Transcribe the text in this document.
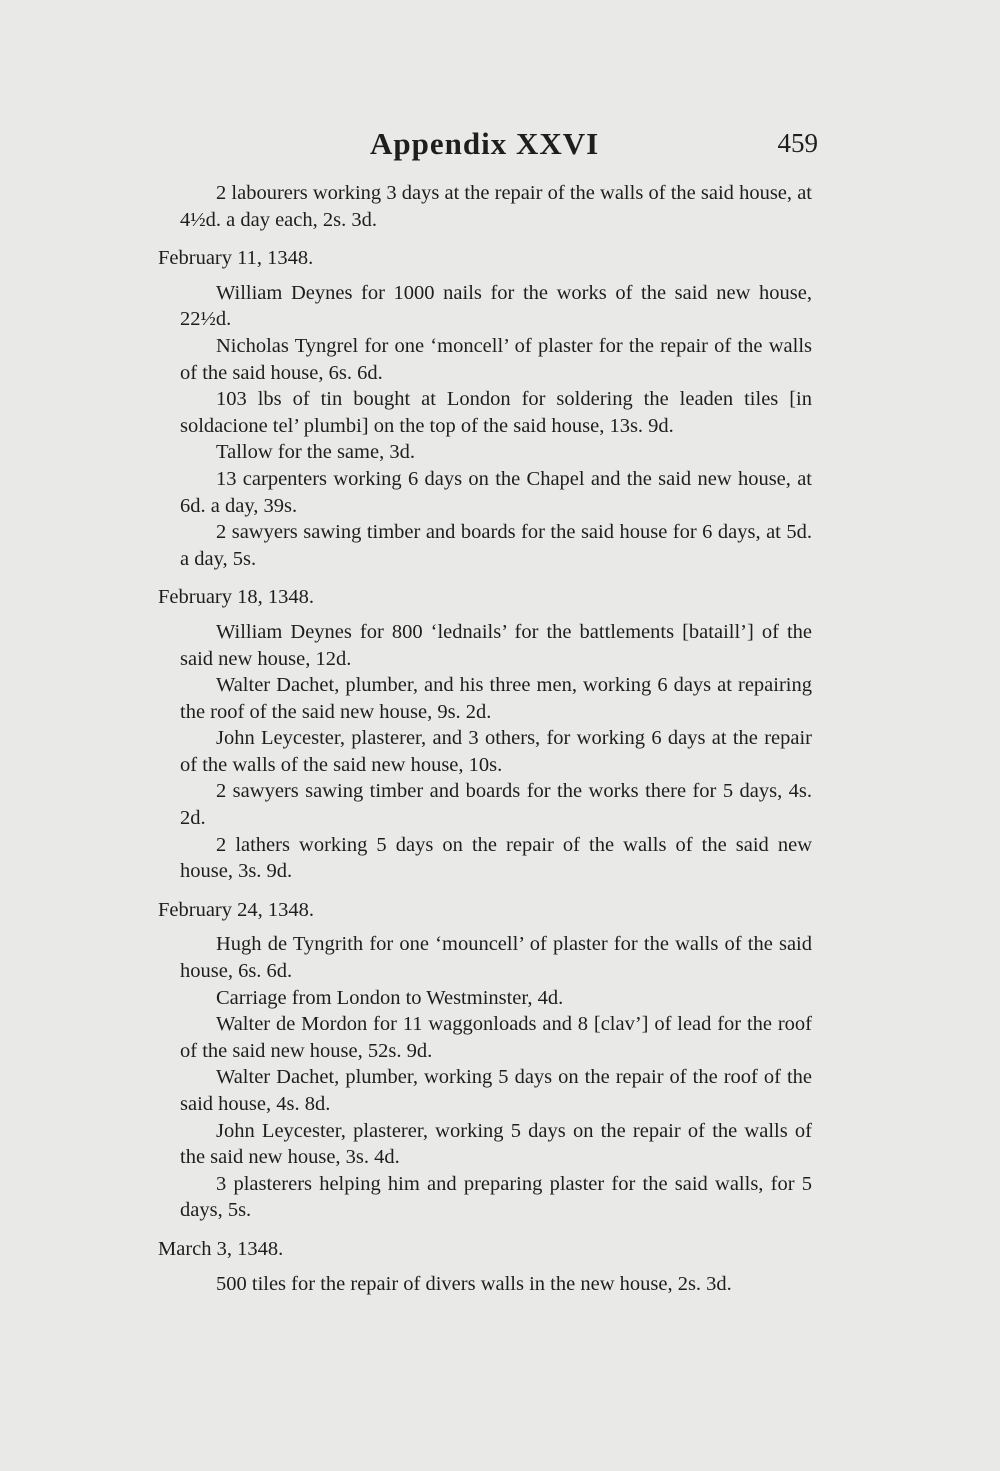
Appendix XXVI	459

2 labourers working 3 days at the repair of the walls of the said house, at 4½d. a day each, 2s. 3d.

February 11, 1348.

William Deynes for 1000 nails for the works of the said new house, 22½d.

Nicholas Tyngrel for one ‘moncell’ of plaster for the repair of the walls of the said house, 6s. 6d.

103 lbs of tin bought at London for soldering the leaden tiles [in soldacione tel’ plumbi] on the top of the said house, 13s. 9d.

Tallow for the same, 3d.

13 carpenters working 6 days on the Chapel and the said new house, at 6d. a day, 39s.

2 sawyers sawing timber and boards for the said house for 6 days, at 5d. a day, 5s.

February 18, 1348.

William Deynes for 800 ‘lednails’ for the battlements [bataill’] of the said new house, 12d.

Walter Dachet, plumber, and his three men, working 6 days at repairing the roof of the said new house, 9s. 2d.

John Leycester, plasterer, and 3 others, for working 6 days at the repair of the walls of the said new house, 10s.

2 sawyers sawing timber and boards for the works there for 5 days, 4s. 2d.

2 lathers working 5 days on the repair of the walls of the said new house, 3s. 9d.

February 24, 1348.

Hugh de Tyngrith for one ‘mouncell’ of plaster for the walls of the said house, 6s. 6d.

Carriage from London to Westminster, 4d.

Walter de Mordon for 11 waggonloads and 8 [clav’] of lead for the roof of the said new house, 52s. 9d.

Walter Dachet, plumber, working 5 days on the repair of the roof of the said house, 4s. 8d.

John Leycester, plasterer, working 5 days on the repair of the walls of the said new house, 3s. 4d.

3 plasterers helping him and preparing plaster for the said walls, for 5 days, 5s.

March 3, 1348.

500 tiles for the repair of divers walls in the new house, 2s. 3d.
